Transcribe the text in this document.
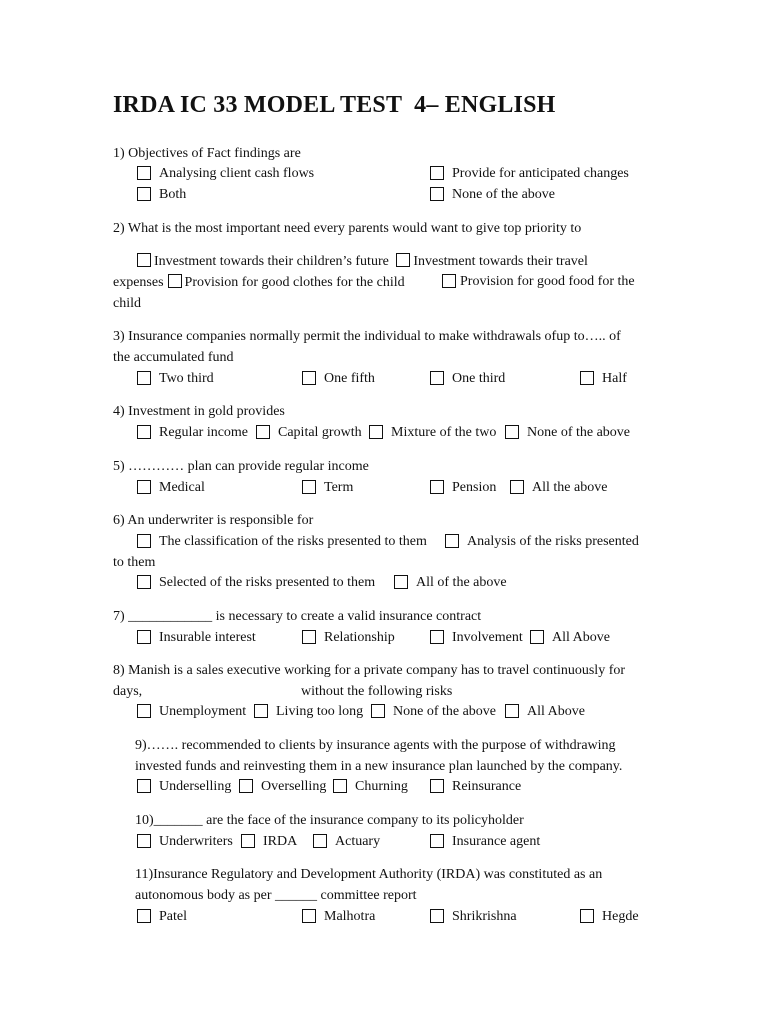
IRDA IC 33 MODEL TEST  4– ENGLISH
1) Objectives of Fact findings are
Analysing client cash flows	Provide for anticipated changes
Both	None of the above
2) What is the most important need every parents would want to give top priority to
Investment towards their children’s future Investment towards their travel
expenses Provision for good clothes for the child	Provision for good food for the
child
3) Insurance companies normally permit the individual to make withdrawals ofup to….. of
the accumulated fund
Two third	One fifth	One third	Half
4) Investment in gold provides
Regular income Capital growth Mixture of the two None of the above
5) ………… plan can provide regular income
Medical	Term	Pension	All the above
6) An underwriter is responsible for
The classification of the risks presented to them	Analysis of the risks presented
to them
Selected of the risks presented to them	All of the above
7) ____________ is necessary to create a valid insurance contract
Insurable interest	Relationship	Involvement All Above
8) Manish is a sales executive working for a private company has to travel continuously for
days,	without the following risks
Unemployment Living too long None of the above All Above
9)……. recommended to clients by insurance agents with the purpose of withdrawing
invested funds and reinvesting them in a new insurance plan launched by the company.
Underselling Overselling Churning	Reinsurance
10)_______ are the face of the insurance company to its policyholder
Underwriters IRDA	Actuary	Insurance agent
11)Insurance Regulatory and Development Authority (IRDA) was constituted as an
autonomous body as per ______ committee report
Patel	Malhotra	Shrikrishna	Hegde
